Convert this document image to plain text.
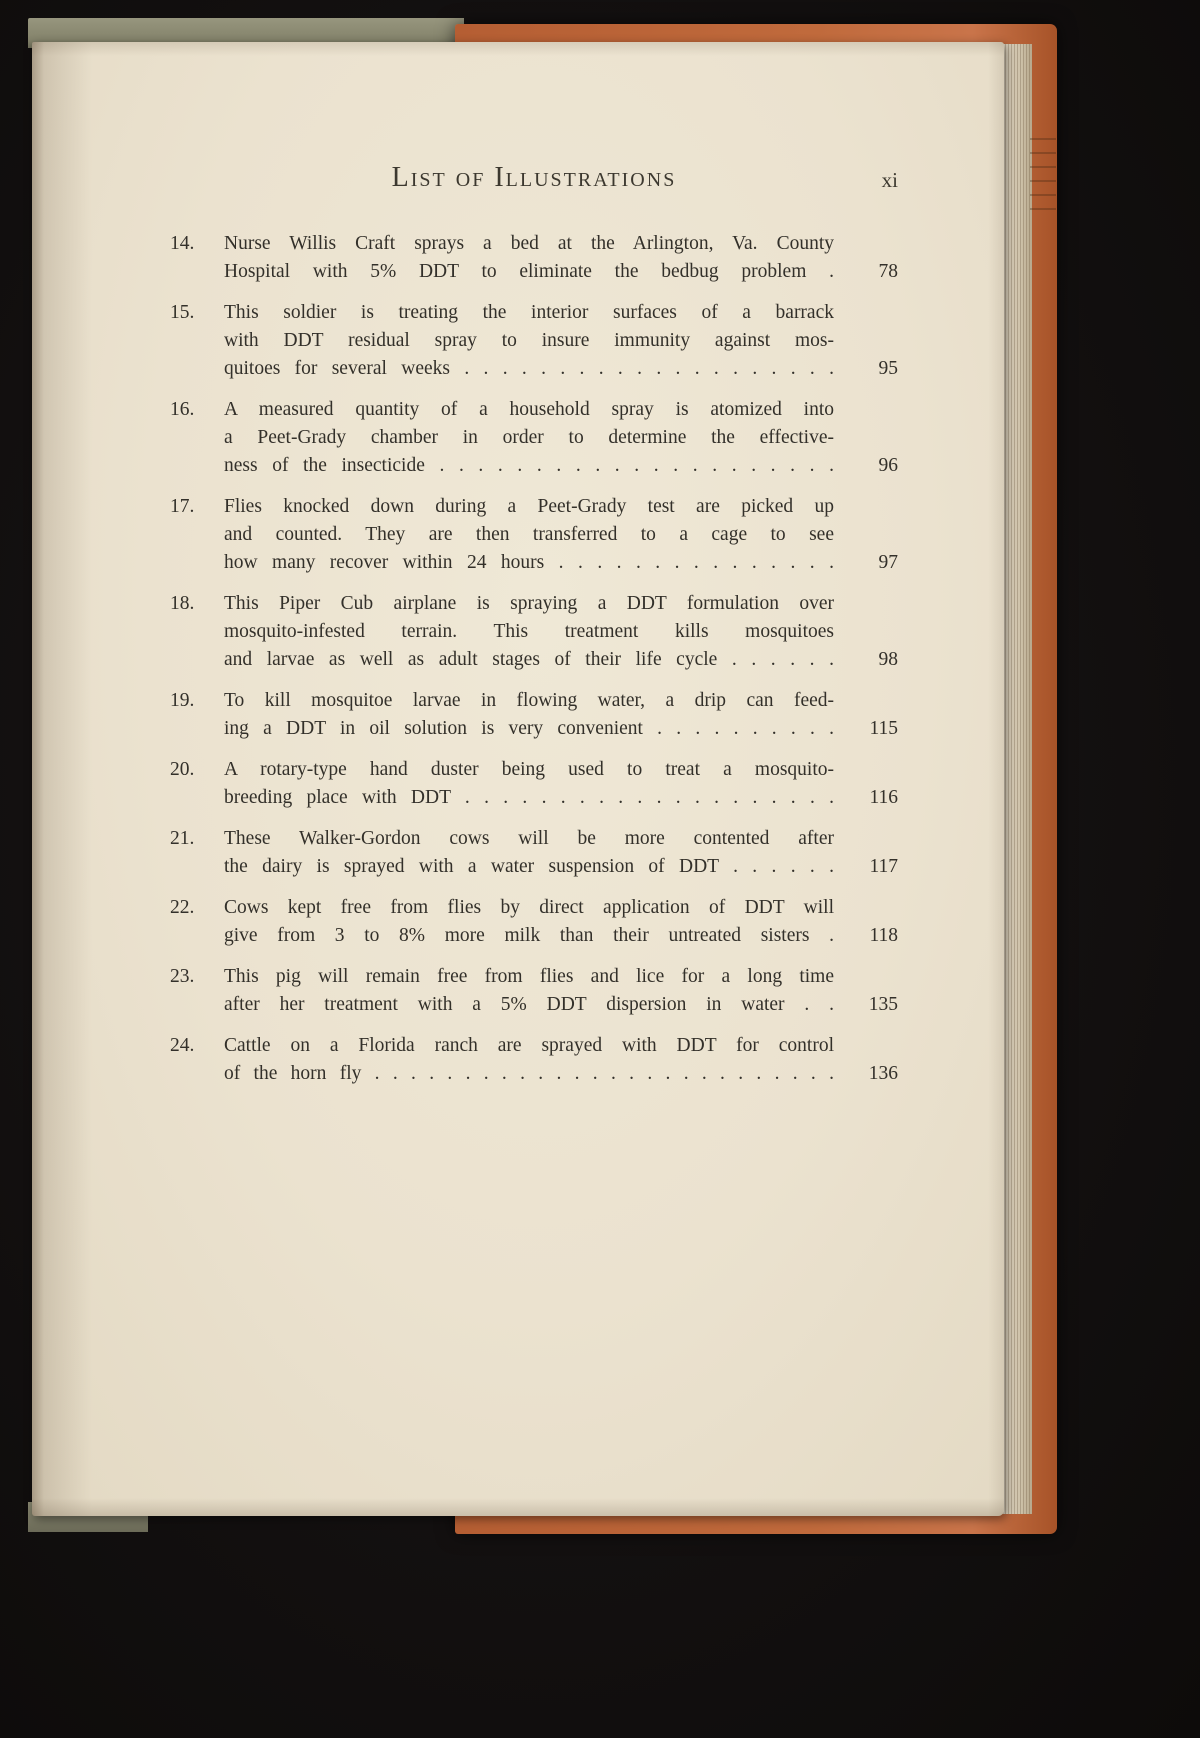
List of Illustrations	xi
14.	Nurse Willis Craft sprays a bed at the Arlington, Va. County
Hospital with 5% DDT to eliminate the bedbug problem .	78
15.	This soldier is treating the interior surfaces of a barrack
with DDT residual spray to insure immunity against mos-
quitoes for several weeks . . . . . . . . . . . . . . . . . . . .	95
16.	A measured quantity of a household spray is atomized into
a Peet-Grady chamber in order to determine the effective-
ness of the insecticide . . . . . . . . . . . . . . . . . . . . .	96
17.	Flies knocked down during a Peet-Grady test are picked up
and counted. They are then transferred to a cage to see
how many recover within 24 hours . . . . . . . . . . . . . . .	97
18.	This Piper Cub airplane is spraying a DDT formulation over
mosquito-infested terrain. This treatment kills mosquitoes
and larvae as well as adult stages of their life cycle . . . . . .	98
19.	To kill mosquitoe larvae in flowing water, a drip can feed-
ing a DDT in oil solution is very convenient . . . . . . . . . .	115
20.	A rotary-type hand duster being used to treat a mosquito-
breeding place with DDT . . . . . . . . . . . . . . . . . . . .	116
21.	These Walker-Gordon cows will be more contented after
the dairy is sprayed with a water suspension of DDT . . . . . .	117
22.	Cows kept free from flies by direct application of DDT will
give from 3 to 8% more milk than their untreated sisters .	118
23.	This pig will remain free from flies and lice for a long time
after her treatment with a 5% DDT dispersion in water . .	135
24.	Cattle on a Florida ranch are sprayed with DDT for control
of the horn fly . . . . . . . . . . . . . . . . . . . . . . . . . .	136
